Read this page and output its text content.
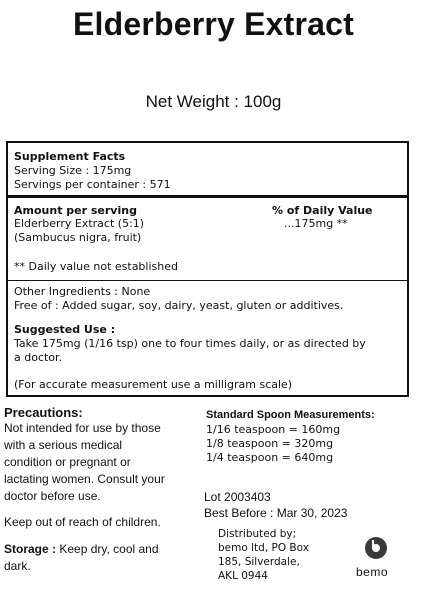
Elderberry Extract
Net Weight : 100g
Supplement Facts
Serving Size : 175mg
Servings per container : 571
Amount per serving	% of Daily Value
Elderberry Extract (5:1)	...175mg **
(Sambucus nigra, fruit)
** Daily value not established
Other Ingredients : None
Free of : Added sugar, soy, dairy, yeast, gluten or additives.
Suggested Use :
Take 175mg (1/16 tsp) one to four times daily, or as directed by
a doctor.
(For accurate measurement use a milligram scale)
Precautions:
Not intended for use by those
with a serious medical
condition or pregnant or
lactating women. Consult your
doctor before use.
Keep out of reach of children.
Storage : Keep dry, cool and
dark.
Standard Spoon Measurements:
1/16 teaspoon = 160mg
1/8 teaspoon = 320mg
1/4 teaspoon = 640mg
Lot 2003403
Best Before : Mar 30, 2023
Distributed by;
bemo ltd, PO Box
185, Silverdale,
AKL 0944	bemo
